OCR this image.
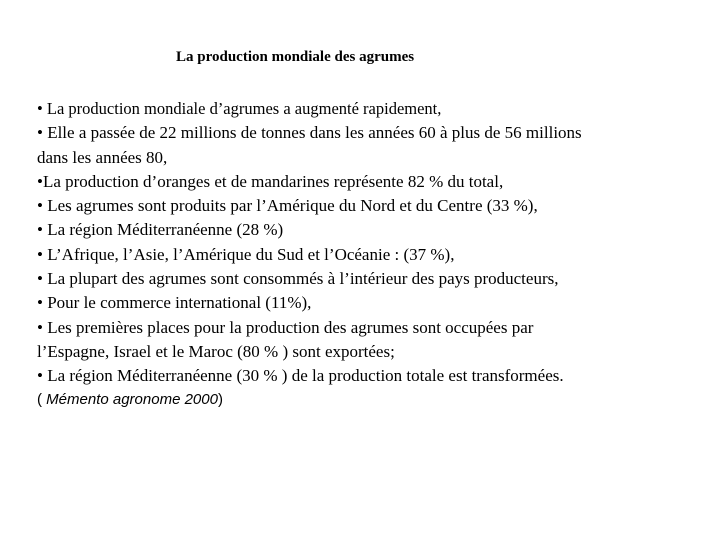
La production mondiale des agrumes
• La production mondiale d’agrumes a augmenté rapidement,
• Elle a passée de 22 millions de tonnes dans les années 60 à plus de 56 millions
dans les années 80,
•La production d’oranges et de mandarines représente 82 % du total,
• Les agrumes sont produits par l’Amérique du Nord et du Centre (33 %),
• La région Méditerranéenne (28 %)
• L’Afrique, l’Asie, l’Amérique du Sud et l’Océanie : (37 %),
• La plupart des agrumes sont consommés à l’intérieur des pays producteurs,
• Pour le commerce international (11%),
• Les premières places pour la production des agrumes sont occupées par
l’Espagne, Israel et le Maroc (80 % ) sont exportées;
• La région Méditerranéenne (30 % ) de la production totale est transformées.
( Mémento agronome 2000)
